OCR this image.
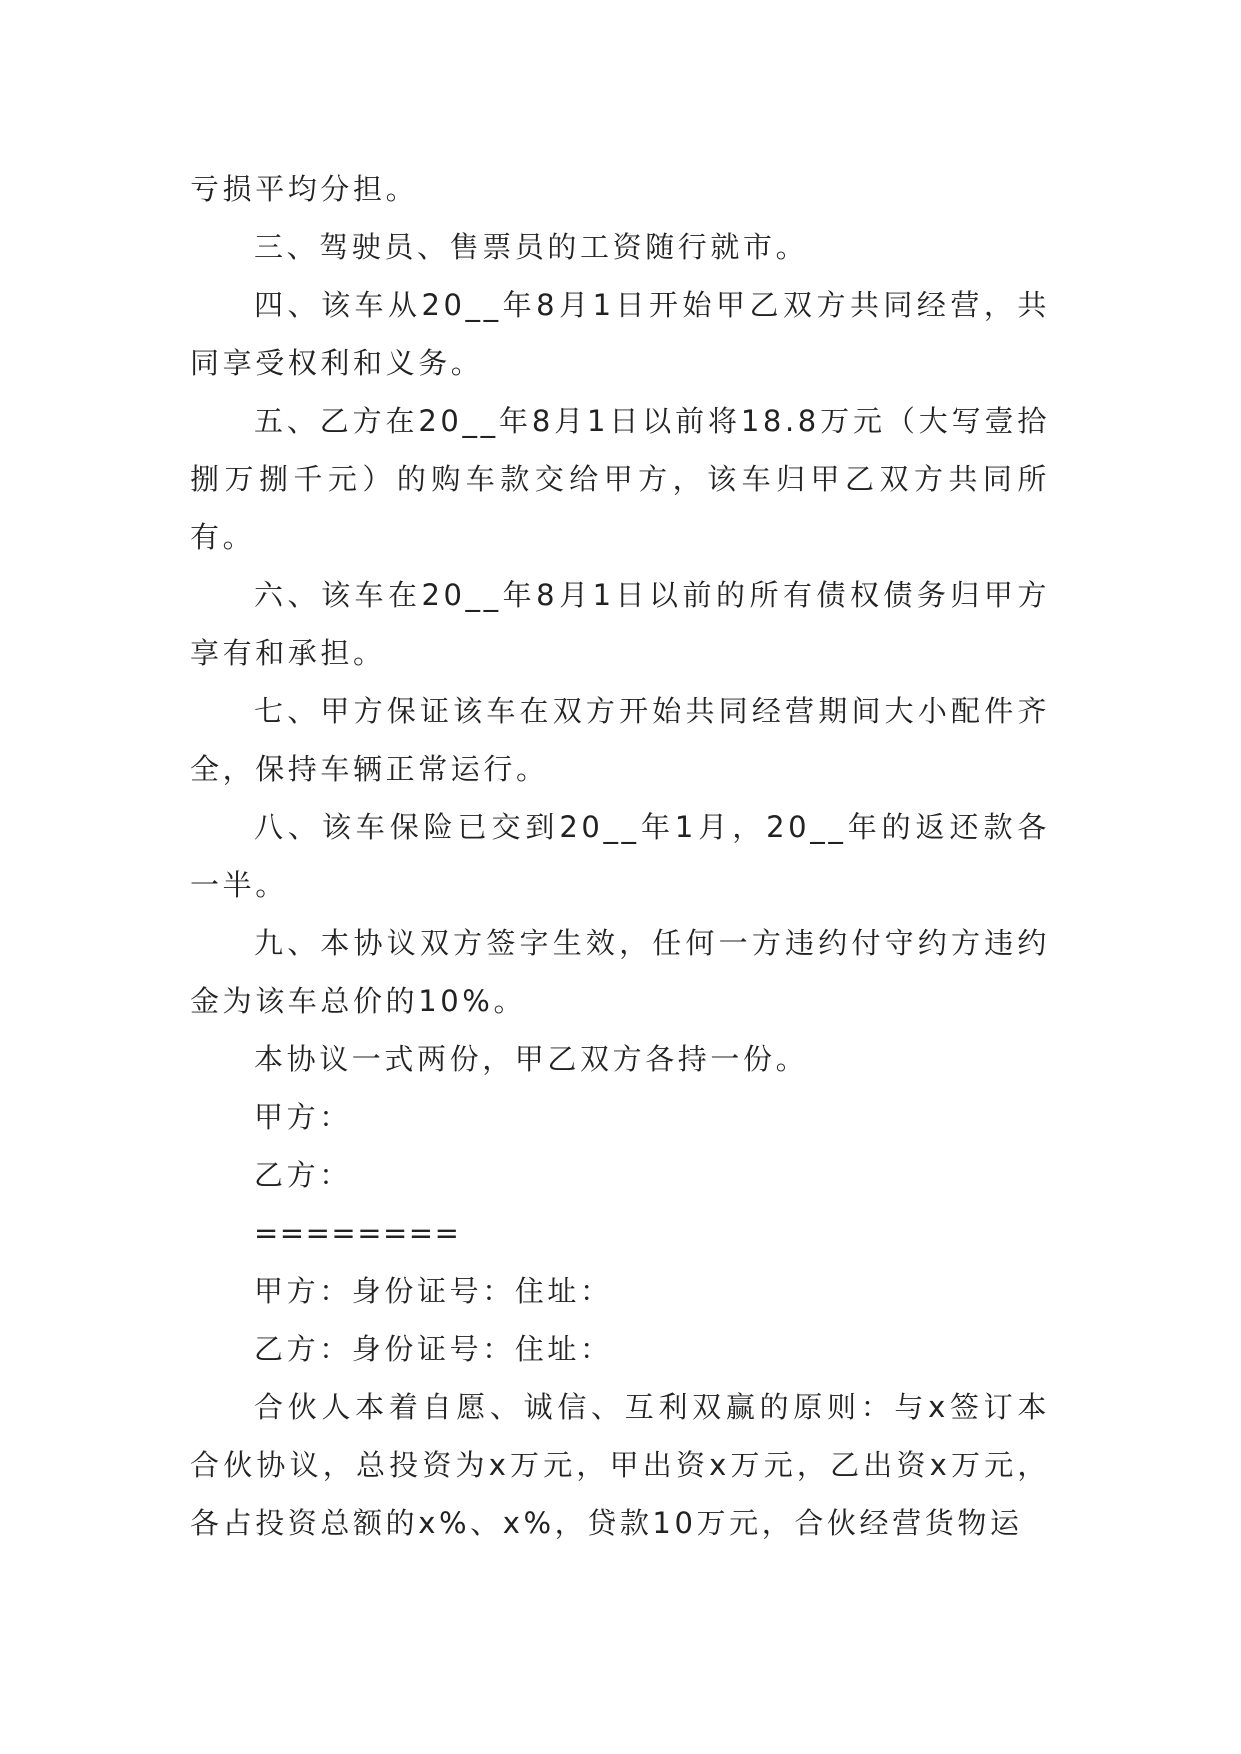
亏损平均分担。

三、驾驶员、售票员的工资随行就市。

四、该车从20__年8月1日开始甲乙双方共同经营，共同享受权利和义务。

五、乙方在20__年8月1日以前将18.8万元（大写壹拾捌万捌千元）的购车款交给甲方，该车归甲乙双方共同所有。

六、该车在20__年8月1日以前的所有债权债务归甲方享有和承担。

七、甲方保证该车在双方开始共同经营期间大小配件齐全，保持车辆正常运行。

八、该车保险已交到20__年1月，20__年的返还款各一半。

九、本协议双方签字生效，任何一方违约付守约方违约金为该车总价的10%。

本协议一式两份，甲乙双方各持一份。

甲方：

乙方：

========

甲方：身份证号：住址：

乙方：身份证号：住址：

合伙人本着自愿、诚信、互利双赢的原则：与x签订本合伙协议，总投资为x万元，甲出资x万元，乙出资x万元，各占投资总额的x%、x%，贷款10万元，合伙经营货物运
